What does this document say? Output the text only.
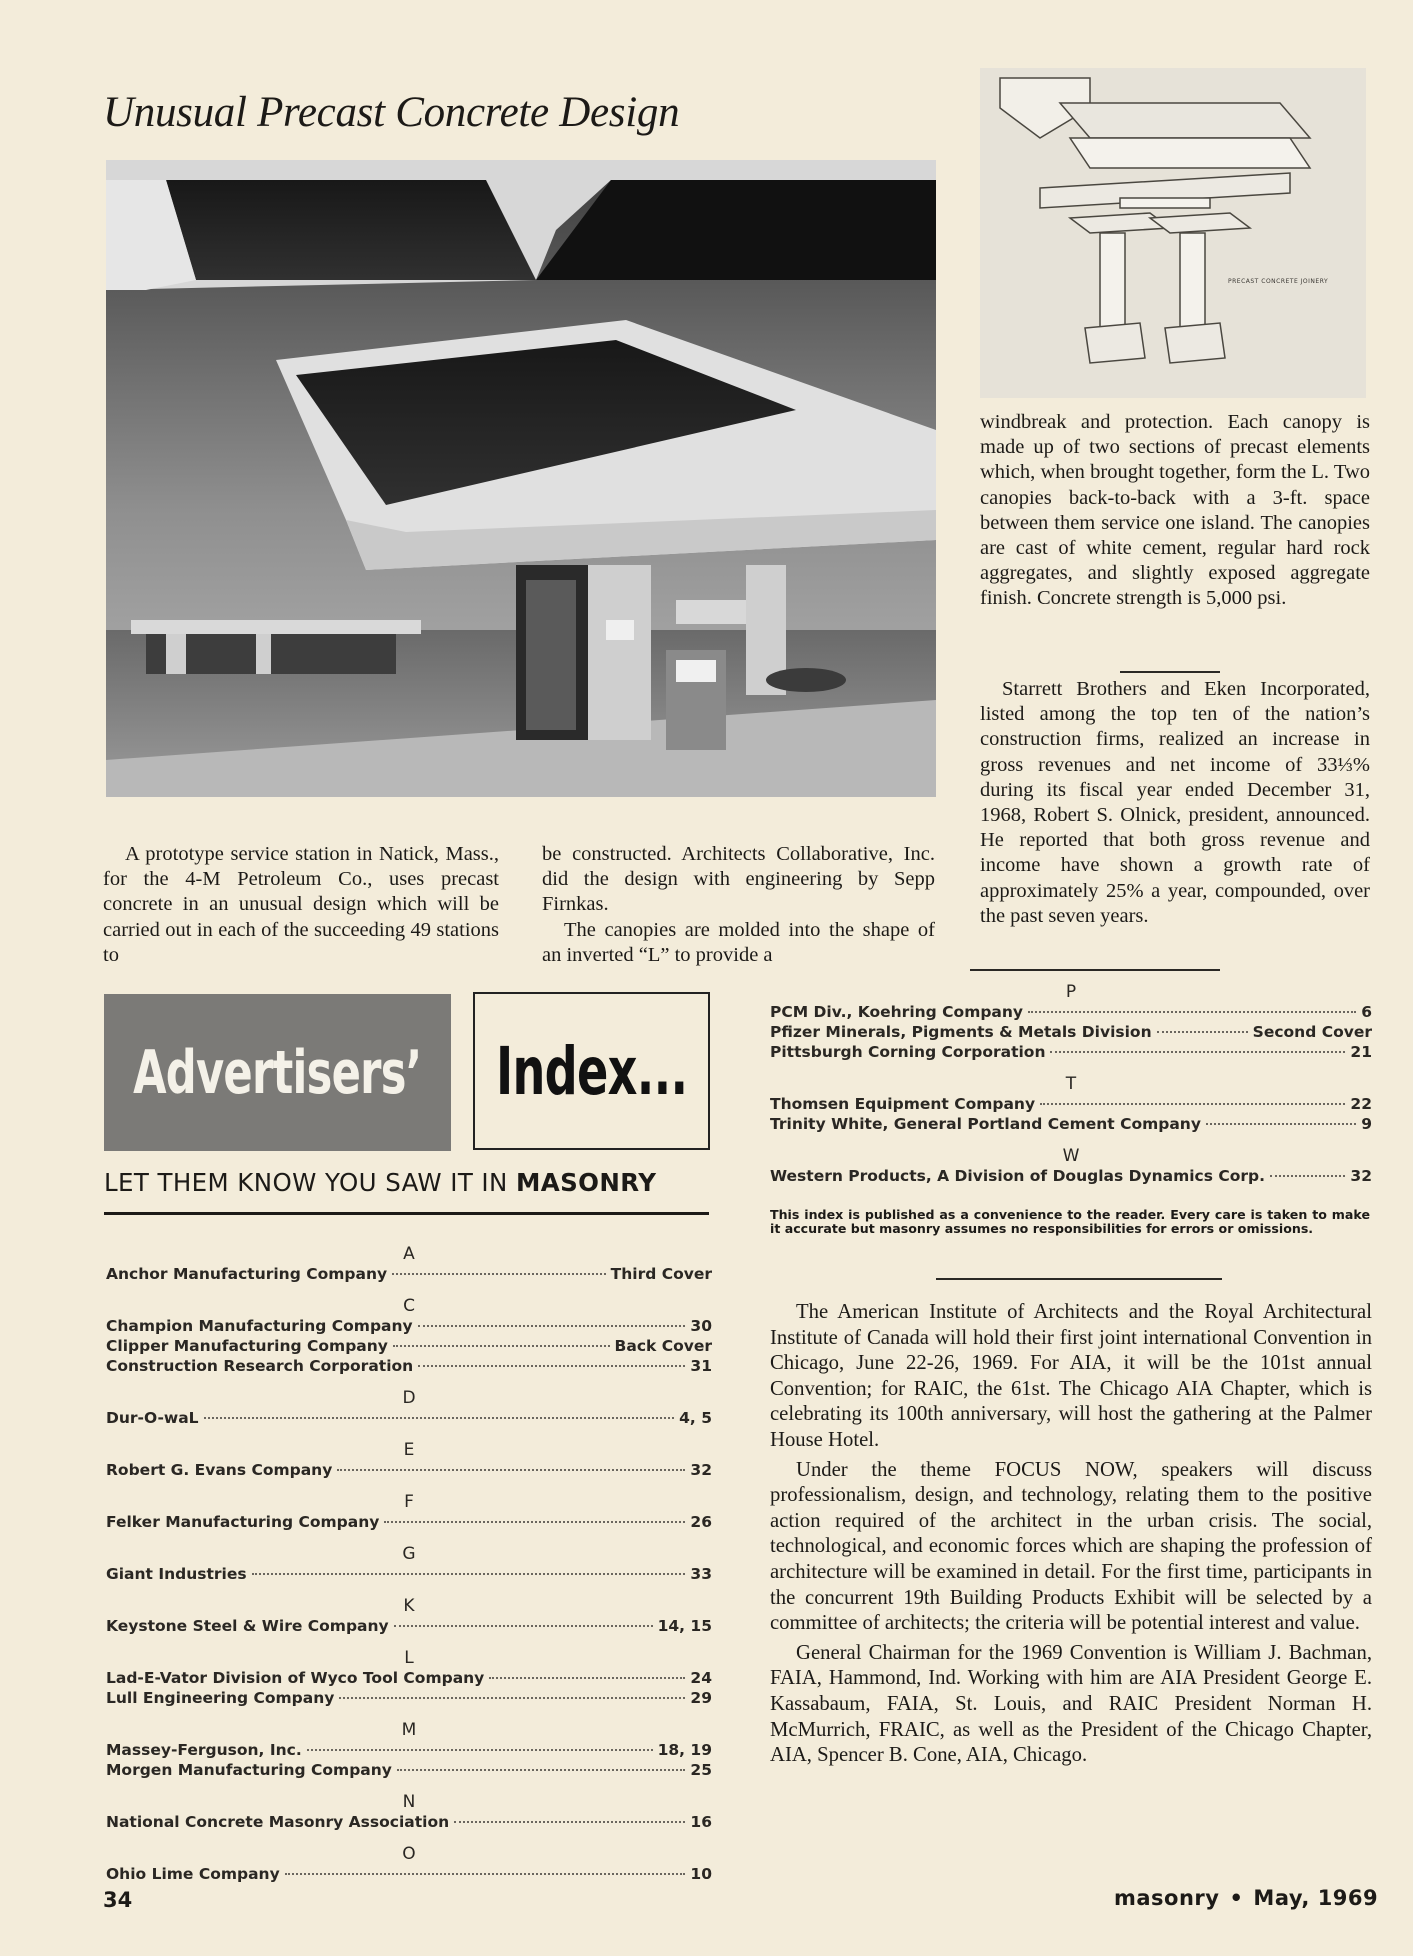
Unusual Precast Concrete Design
PRECAST CONCRETE JOINERY

A prototype service station in Natick, Mass., for the 4-M Petroleum Co., uses precast concrete in an unusual design which will be carried out in each of the succeeding 49 stations to

be constructed. Architects Collaborative, Inc. did the design with engineering by Sepp Firnkas.

The canopies are molded into the shape of an inverted “L” to provide a

windbreak and protection. Each canopy is made up of two sections of precast elements which, when brought together, form the L. Two canopies back-to-back with a 3-ft. space between them service one island. The canopies are cast of white cement, regular hard rock aggregates, and slightly exposed aggregate finish. Concrete strength is 5,000 psi.

Starrett Brothers and Eken Incorporated, listed among the top ten of the nation’s construction firms, realized an increase in gross revenues and net income of 33⅓% during its fiscal year ended December 31, 1968, Robert S. Olnick, president, announced. He reported that both gross revenue and income have shown a growth rate of approximately 25% a year, compounded, over the past seven years.

Advertisers’ Index...
LET THEM KNOW YOU SAW IT IN MASONRY
A
Anchor Manufacturing Company	Third Cover
C
Champion Manufacturing Company	30
Clipper Manufacturing Company	Back Cover
Construction Research Corporation	31
D
Dur-O-waL	4, 5
E
Robert G. Evans Company	32
F
Felker Manufacturing Company	26
G
Giant Industries	33
K
Keystone Steel & Wire Company	14, 15
L
Lad-E-Vator Division of Wyco Tool Company	24
Lull Engineering Company	29
M
Massey-Ferguson, Inc.	18, 19
Morgen Manufacturing Company	25
N
National Concrete Masonry Association	16
O
Ohio Lime Company	10
P
PCM Div., Koehring Company	6
Pfizer Minerals, Pigments & Metals Division	Second Cover
Pittsburgh Corning Corporation	21
T
Thomsen Equipment Company	22
Trinity White, General Portland Cement Company	9
W
Western Products, A Division of Douglas Dynamics Corp.	32
This index is published as a convenience to the reader. Every care is taken to make it accurate but masonry assumes no responsibilities for errors or omissions.

The American Institute of Architects and the Royal Architectural Institute of Canada will hold their first joint international Convention in Chicago, June 22-26, 1969. For AIA, it will be the 101st annual Convention; for RAIC, the 61st. The Chicago AIA Chapter, which is celebrating its 100th anniversary, will host the gathering at the Palmer House Hotel.

Under the theme FOCUS NOW, speakers will discuss professionalism, design, and technology, relating them to the positive action required of the architect in the urban crisis. The social, technological, and economic forces which are shaping the profession of architecture will be examined in detail. For the first time, participants in the concurrent 19th Building Products Exhibit will be selected by a committee of architects; the criteria will be potential interest and value.

General Chairman for the 1969 Convention is William J. Bachman, FAIA, Hammond, Ind. Working with him are AIA President George E. Kassabaum, FAIA, St. Louis, and RAIC President Norman H. McMurrich, FRAIC, as well as the President of the Chicago Chapter, AIA, Spencer B. Cone, AIA, Chicago.

34	masonry • May, 1969
